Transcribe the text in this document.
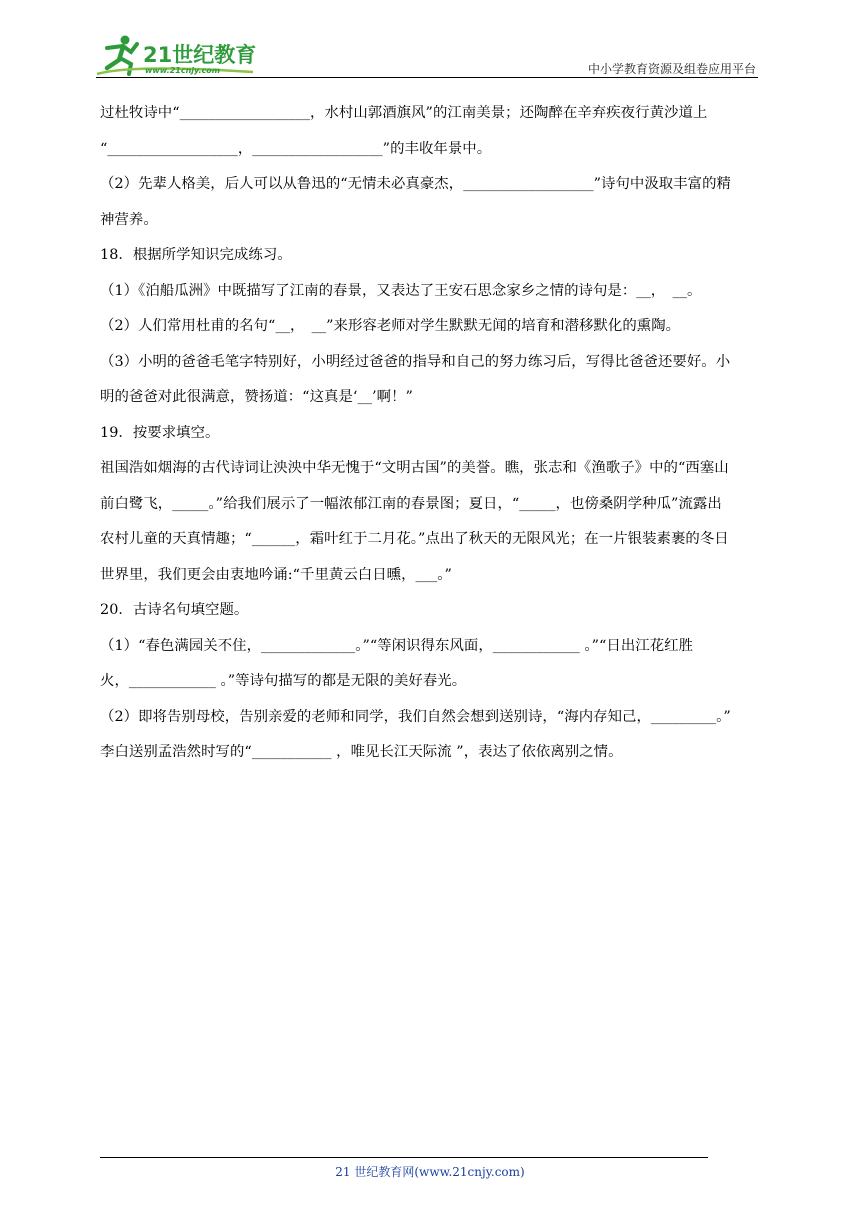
21世纪教育
www.21cnjy.com	中小学教育资源及组卷应用平台
过杜牧诗中“__________________，水村山郭酒旗风”的江南美景；还陶醉在辛弃疾夜行黄沙道上
“__________________，__________________”的丰收年景中。
（2）先辈人格美，后人可以从鲁迅的“无情未必真豪杰，__________________”诗句中汲取丰富的精
神营养。
18．根据所学知识完成练习。
（1）《泊船瓜洲》中既描写了江南的春景，又表达了王安石思念家乡之情的诗句是：__，　__。
（2）人们常用杜甫的名句“__，　__”来形容老师对学生默默无闻的培育和潜移默化的熏陶。
（3）小明的爸爸毛笔字特别好，小明经过爸爸的指导和自己的努力练习后，写得比爸爸还要好。小
明的爸爸对此很满意，赞扬道：“这真是‘__’啊！”
19．按要求填空。
祖国浩如烟海的古代诗词让泱泱中华无愧于“文明古国”的美誉。瞧，张志和《渔歌子》中的“西塞山
前白鹭飞，_____。”给我们展示了一幅浓郁江南的春景图；夏日，“_____，也傍桑阴学种瓜”流露出
农村儿童的天真情趣；“______，霜叶红于二月花。”点出了秋天的无限风光；在一片银装素裹的冬日
世界里，我们更会由衷地吟诵:“千里黄云白日曛，___。”
20．古诗名句填空题。
（1）“春色满园关不住，_____________。”“等闲识得东风面，____________ 。”“日出江花红胜
火，____________ 。”等诗句描写的都是无限的美好春光。
（2）即将告别母校，告别亲爱的老师和同学，我们自然会想到送别诗，“海内存知己，_________。”
李白送别孟浩然时写的“___________ ，唯见长江天际流 ”，表达了依依离别之情。
21 世纪教育网(www.21cnjy.com)
